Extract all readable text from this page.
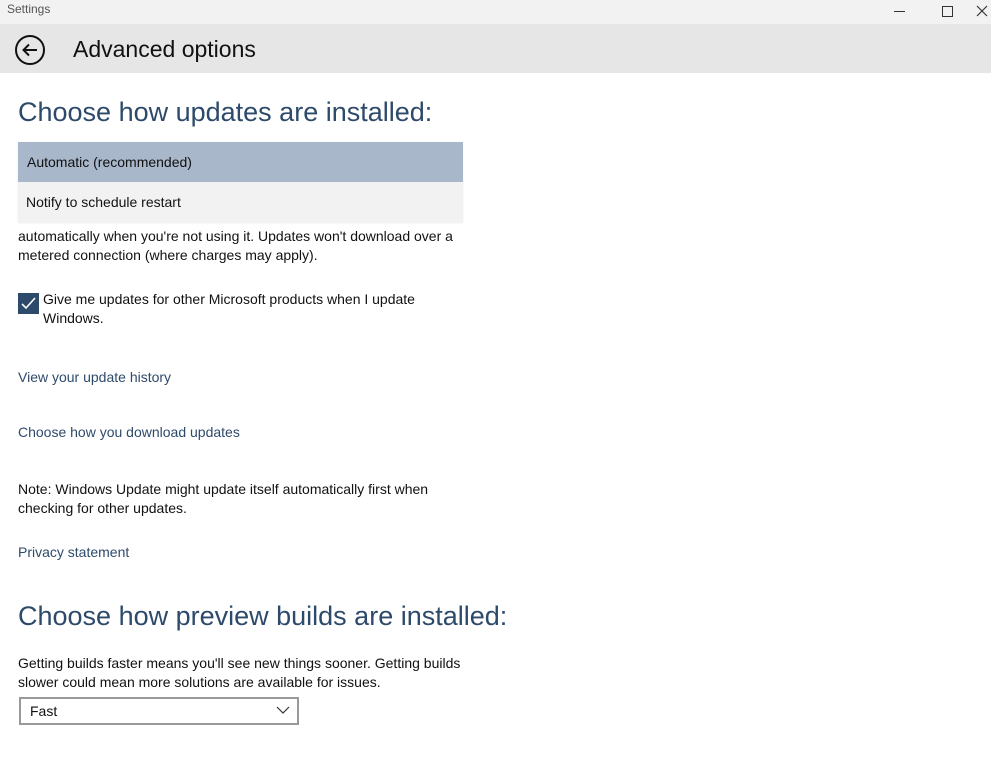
Settings
Advanced options
Choose how updates are installed:
automatically when you're not using it. Updates won't download over a
metered connection (where charges may apply).
Automatic (recommended)
Notify to schedule restart
Give me updates for other Microsoft products when I update Windows.
View your update history
Choose how you download updates
Note: Windows Update might update itself automatically first when checking for other updates.
Privacy statement
Choose how preview builds are installed:
Getting builds faster means you'll see new things sooner. Getting builds slower could mean more solutions are available for issues.
Fast
